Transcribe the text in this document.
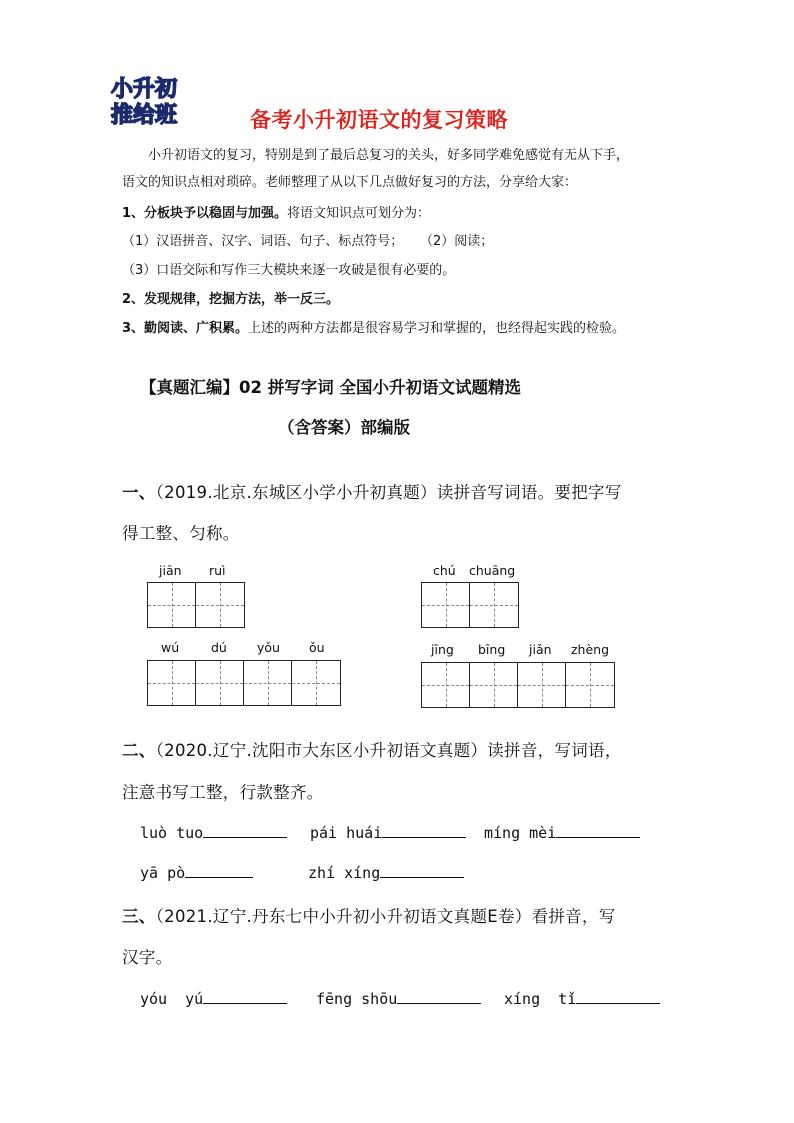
小升初
推给班	备考小升初语文的复习策略
小升初语文的复习，特别是到了最后总复习的关头，好多同学难免感觉有无从下手，
语文的知识点相对琐碎。老师整理了从以下几点做好复习的方法，分享给大家：
1、分板块予以稳固与加强。将语文知识点可划分为：
（1）汉语拼音、汉字、词语、句子、标点符号； （2）阅读；
（3）口语交际和写作三大模块来逐一攻破是很有必要的。
2、发现规律，挖掘方法，举一反三。
3、勤阅读、广积累。上述的两种方法都是很容易学习和掌握的，也经得起实践的检验。
【真题汇编】02 拼写字词 全国小升初语文试题精选
（含答案）部编版
一、（2019.北京.东城区小学小升初真题）读拼音写词语。要把字写
得工整、匀称。
jiān ruì	chú chuāng
wú	dú yǒu ǒu	jīng bīng jiǎn zhèng
二、（2020.辽宁.沈阳市大东区小升初语文真题）读拼音，写词语，
注意书写工整，行款整齐。
luò tuo	pái huái	míng mèi
yā pò	zhí xíng
三、（2021.辽宁.丹东七中小升初小升初语文真题E卷）看拼音，写
汉字。
yóu  yú	fēng shōu	xíng  tǐ
